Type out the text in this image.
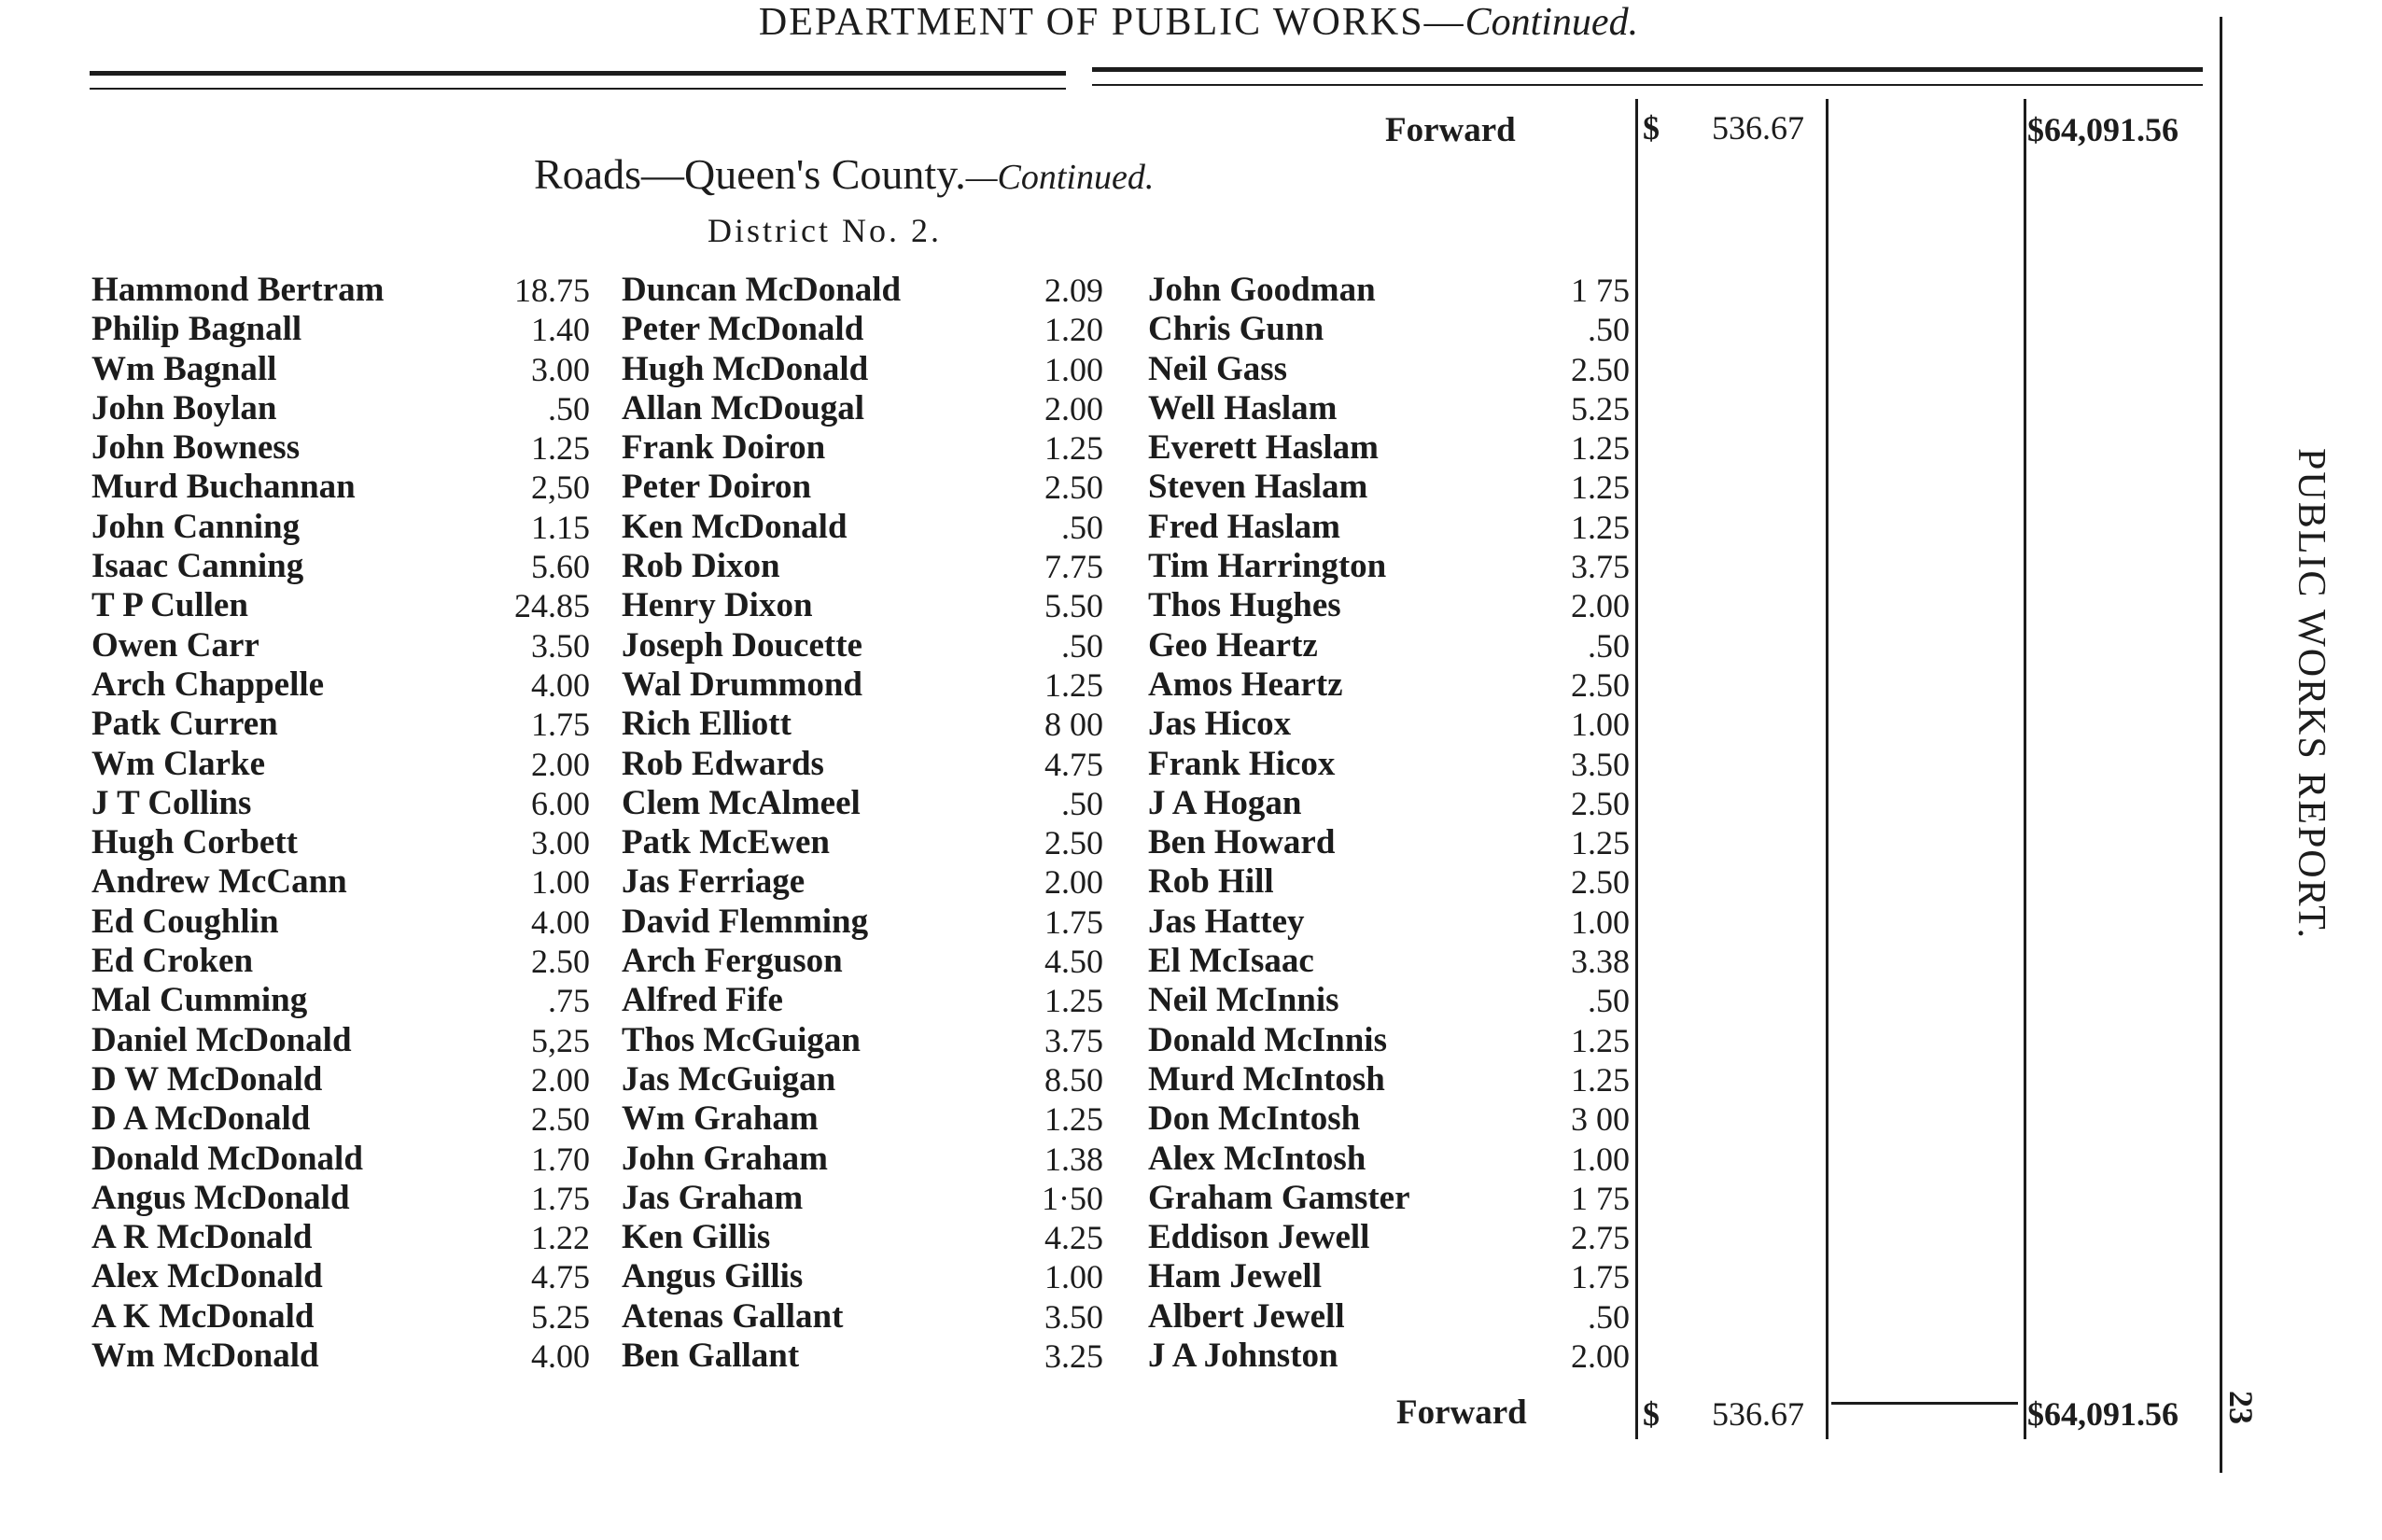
DEPARTMENT OF PUBLIC WORKS—Continued.
Forward	$ 536.67	$64,091.56
Roads—Queen's County.—Continued.
District No. 2.
Hammond Bertram	18.75
Philip Bagnall	1.40
Wm Bagnall	3.00
John Boylan	.50
John Bowness	1.25
Murd Buchannan	2,50
John Canning	1.15
Isaac Canning	5.60
T P Cullen	24.85
Owen Carr	3.50
Arch Chappelle	4.00
Patk Curren	1.75
Wm Clarke	2.00
J T Collins	6.00
Hugh Corbett	3.00
Andrew McCann	1.00
Ed Coughlin	4.00
Ed Croken	2.50
Mal Cumming	.75
Daniel McDonald	5,25
D W McDonald	2.00
D A McDonald	2.50
Donald McDonald	1.70
Angus McDonald	1.75
A R McDonald	1.22
Alex McDonald	4.75
A K McDonald	5.25
Wm McDonald	4.00
Duncan McDonald	2.09
Peter McDonald	1.20
Hugh McDonald	1.00
Allan McDougal	2.00
Frank Doiron	1.25
Peter Doiron	2.50
Ken McDonald	.50
Rob Dixon	7.75
Henry Dixon	5.50
Joseph Doucette	.50
Wal Drummond	1.25
Rich Elliott	8 00
Rob Edwards	4.75
Clem McAlmeel	.50
Patk McEwen	2.50
Jas Ferriage	2.00
David Flemming	1.75
Arch Ferguson	4.50
Alfred Fife	1.25
Thos McGuigan	3.75
Jas McGuigan	8.50
Wm Graham	1.25
John Graham	1.38
Jas Graham	1·50
Ken Gillis	4.25
Angus Gillis	1.00
Atenas Gallant	3.50
Ben Gallant	3.25
John Goodman	1 75
Chris Gunn	.50
Neil Gass	2.50
Well Haslam	5.25
Everett Haslam	1.25
Steven Haslam	1.25
Fred Haslam	1.25
Tim Harrington	3.75
Thos Hughes	2.00
Geo Heartz	.50
Amos Heartz	2.50
Jas Hicox	1.00
Frank Hicox	3.50
J A Hogan	2.50
Ben Howard	1.25
Rob Hill	2.50
Jas Hattey	1.00
El McIsaac	3.38
Neil McInnis	.50
Donald McInnis	1.25
Murd McIntosh	1.25
Don McIntosh	3 00
Alex McIntosh	1.00
Graham Gamster	1 75
Eddison Jewell	2.75
Ham Jewell	1.75
Albert Jewell	.50
J A Johnston	2.00
Forward	$ 536.67	$64,091.56
PUBLIC WORKS REPORT.
23
